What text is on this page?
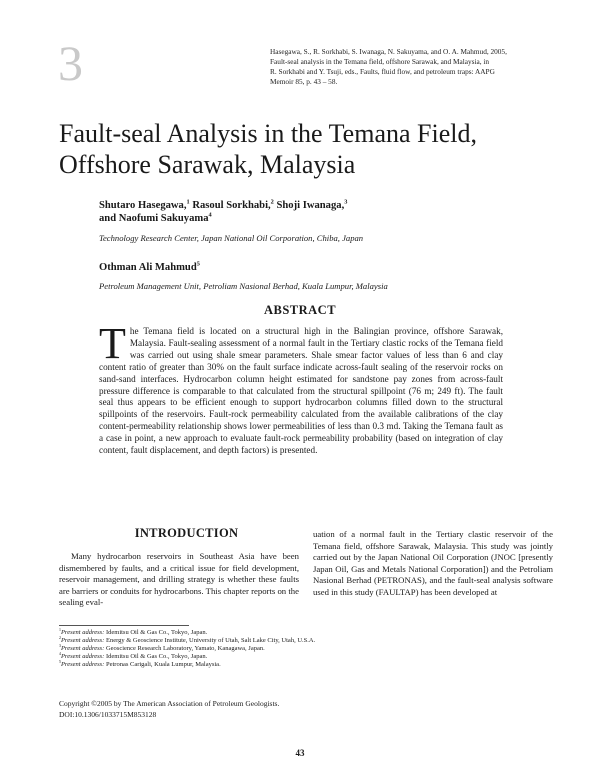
3	Hasegawa, S., R. Sorkhabi, S. Iwanaga, N. Sakuyama, and O. A. Mahmud, 2005,
Fault-seal analysis in the Temana field, offshore Sarawak, and Malaysia, in
R. Sorkhabi and Y. Tsuji, eds., Faults, fluid flow, and petroleum traps: AAPG
Memoir 85, p. 43 – 58.
Fault-seal Analysis in the Temana Field,
Offshore Sarawak, Malaysia
Shutaro Hasegawa,$^1$ Rasoul Sorkhabi,$^2$ Shoji Iwanaga,$^3$
and Naofumi Sakuyama$^4$
Technology Research Center, Japan National Oil Corporation, Chiba, Japan
Othman Ali Mahmud$^5$
Petroleum Management Unit, Petroliam Nasional Berhad, Kuala Lumpur, Malaysia
ABSTRACT
The Temana field is located on a structural high in the Balingian province, offshore Sarawak, Malaysia. Fault-sealing assessment of a normal fault in the Tertiary clastic rocks of the Temana field was carried out using shale smear parameters. Shale smear factor values of less than 6 and clay content ratio of greater than 30% on the fault surface indicate across-fault sealing of the reservoir rocks on sand-sand interfaces. Hydrocarbon column height estimated for sandstone pay zones from across-fault pressure difference is comparable to that calculated from the structural spillpoint (76 m; 249 ft). The fault seal thus appears to be efficient enough to support hydrocarbon columns filled down to the structural spillpoints of the reservoirs. Fault-rock permeability calculated from the available calibrations of the clay content-permeability relationship shows lower permeabilities of less than 0.3 md. Taking the Temana fault as a case in point, a new approach to evaluate fault-rock permeability probability (based on integration of clay content, fault displacement, and depth factors) is presented.
INTRODUCTION
Many hydrocarbon reservoirs in Southeast Asia have been dismembered by faults, and a critical issue for field development, reservoir management, and drilling strategy is whether these faults are barriers or conduits for hydrocarbons. This chapter reports on the sealing eval-
uation of a normal fault in the Tertiary clastic reservoir of the Temana field, offshore Sarawak, Malaysia. This study was jointly carried out by the Japan National Oil Corporation (JNOC [presently Japan Oil, Gas and Metals National Corporation]) and the Petroliam Nasional Berhad (PETRONAS), and the fault-seal analysis software used in this study (FAULTAP) has been developed at
$^1$Present address: Idemitsu Oil & Gas Co., Tokyo, Japan.
$^2$Present address: Energy & Geoscience Institute, University of Utah, Salt Lake City, Utah, U.S.A.
$^3$Present address: Geoscience Research Laboratory, Yamato, Kanagawa, Japan.
$^4$Present address: Idemitsu Oil & Gas Co., Tokyo, Japan.
$^5$Present address: Petronas Carigali, Kuala Lumpur, Malaysia.
Copyright ©2005 by The American Association of Petroleum Geologists.
DOI:10.1306/1033715M853128
43
